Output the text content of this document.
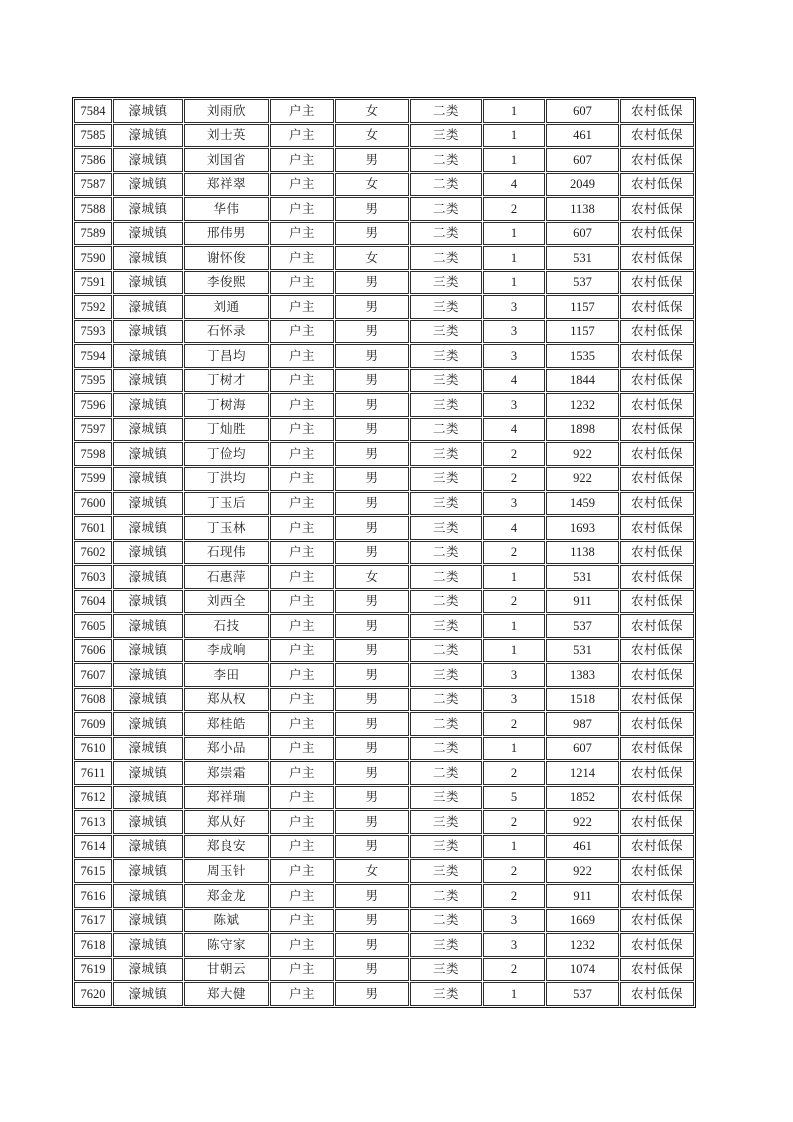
7584	濠城镇	刘雨欣	户主	女	二类	1	607	农村低保
7585	濠城镇	刘士英	户主	女	三类	1	461	农村低保
7586	濠城镇	刘国省	户主	男	二类	1	607	农村低保
7587	濠城镇	郑祥翠	户主	女	二类	4	2049	农村低保
7588	濠城镇	华伟	户主	男	二类	2	1138	农村低保
7589	濠城镇	邢伟男	户主	男	二类	1	607	农村低保
7590	濠城镇	谢怀俊	户主	女	二类	1	531	农村低保
7591	濠城镇	李俊熙	户主	男	三类	1	537	农村低保
7592	濠城镇	刘通	户主	男	三类	3	1157	农村低保
7593	濠城镇	石怀录	户主	男	三类	3	1157	农村低保
7594	濠城镇	丁昌均	户主	男	三类	3	1535	农村低保
7595	濠城镇	丁树才	户主	男	三类	4	1844	农村低保
7596	濠城镇	丁树海	户主	男	三类	3	1232	农村低保
7597	濠城镇	丁灿胜	户主	男	二类	4	1898	农村低保
7598	濠城镇	丁俭均	户主	男	三类	2	922	农村低保
7599	濠城镇	丁洪均	户主	男	三类	2	922	农村低保
7600	濠城镇	丁玉后	户主	男	三类	3	1459	农村低保
7601	濠城镇	丁玉林	户主	男	三类	4	1693	农村低保
7602	濠城镇	石现伟	户主	男	二类	2	1138	农村低保
7603	濠城镇	石惠萍	户主	女	二类	1	531	农村低保
7604	濠城镇	刘西全	户主	男	二类	2	911	农村低保
7605	濠城镇	石技	户主	男	三类	1	537	农村低保
7606	濠城镇	李成响	户主	男	二类	1	531	农村低保
7607	濠城镇	李田	户主	男	三类	3	1383	农村低保
7608	濠城镇	郑从权	户主	男	二类	3	1518	农村低保
7609	濠城镇	郑桂皓	户主	男	二类	2	987	农村低保
7610	濠城镇	郑小品	户主	男	二类	1	607	农村低保
7611	濠城镇	郑崇霜	户主	男	二类	2	1214	农村低保
7612	濠城镇	郑祥瑞	户主	男	三类	5	1852	农村低保
7613	濠城镇	郑从好	户主	男	三类	2	922	农村低保
7614	濠城镇	郑良安	户主	男	三类	1	461	农村低保
7615	濠城镇	周玉针	户主	女	三类	2	922	农村低保
7616	濠城镇	郑金龙	户主	男	二类	2	911	农村低保
7617	濠城镇	陈斌	户主	男	二类	3	1669	农村低保
7618	濠城镇	陈守家	户主	男	三类	3	1232	农村低保
7619	濠城镇	甘朝云	户主	男	三类	2	1074	农村低保
7620	濠城镇	郑大健	户主	男	三类	1	537	农村低保
